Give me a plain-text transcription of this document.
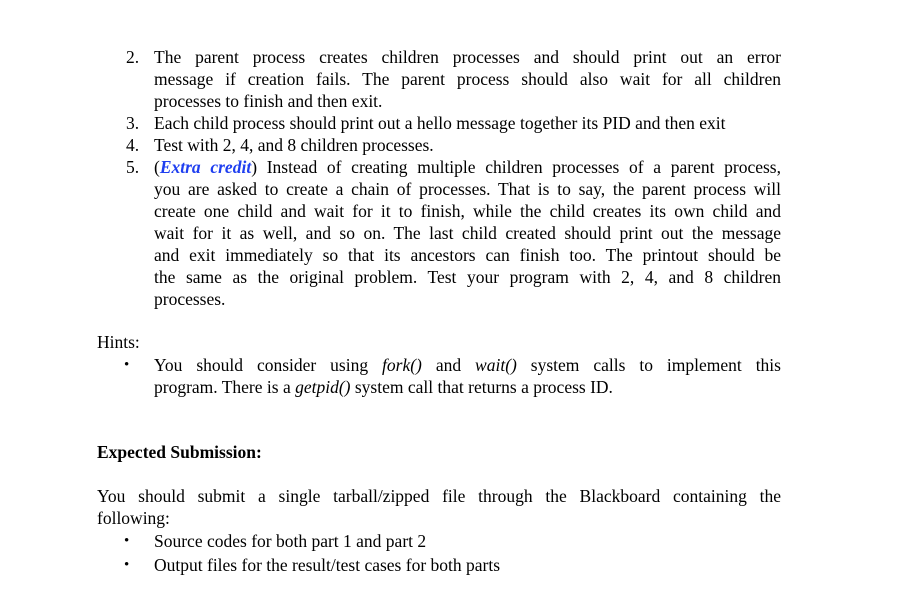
2. The parent process creates children processes and should print out an error
message if creation fails. The parent process should also wait for all children
processes to finish and then exit.
3. Each child process should print out a hello message together its PID and then exit
4. Test with 2, 4, and 8 children processes.
5. (Extra credit) Instead of creating multiple children processes of a parent process,
you are asked to create a chain of processes. That is to say, the parent process will
create one child and wait for it to finish, while the child creates its own child and
wait for it as well, and so on. The last child created should print out the message
and exit immediately so that its ancestors can finish too. The printout should be
the same as the original problem. Test your program with 2, 4, and 8 children
processes.
Hints:
• You should consider using fork() and wait() system calls to implement this
program. There is a getpid() system call that returns a process ID.
Expected Submission:
You should submit a single tarball/zipped file through the Blackboard containing the
following:
• Source codes for both part 1 and part 2
• Output files for the result/test cases for both parts
